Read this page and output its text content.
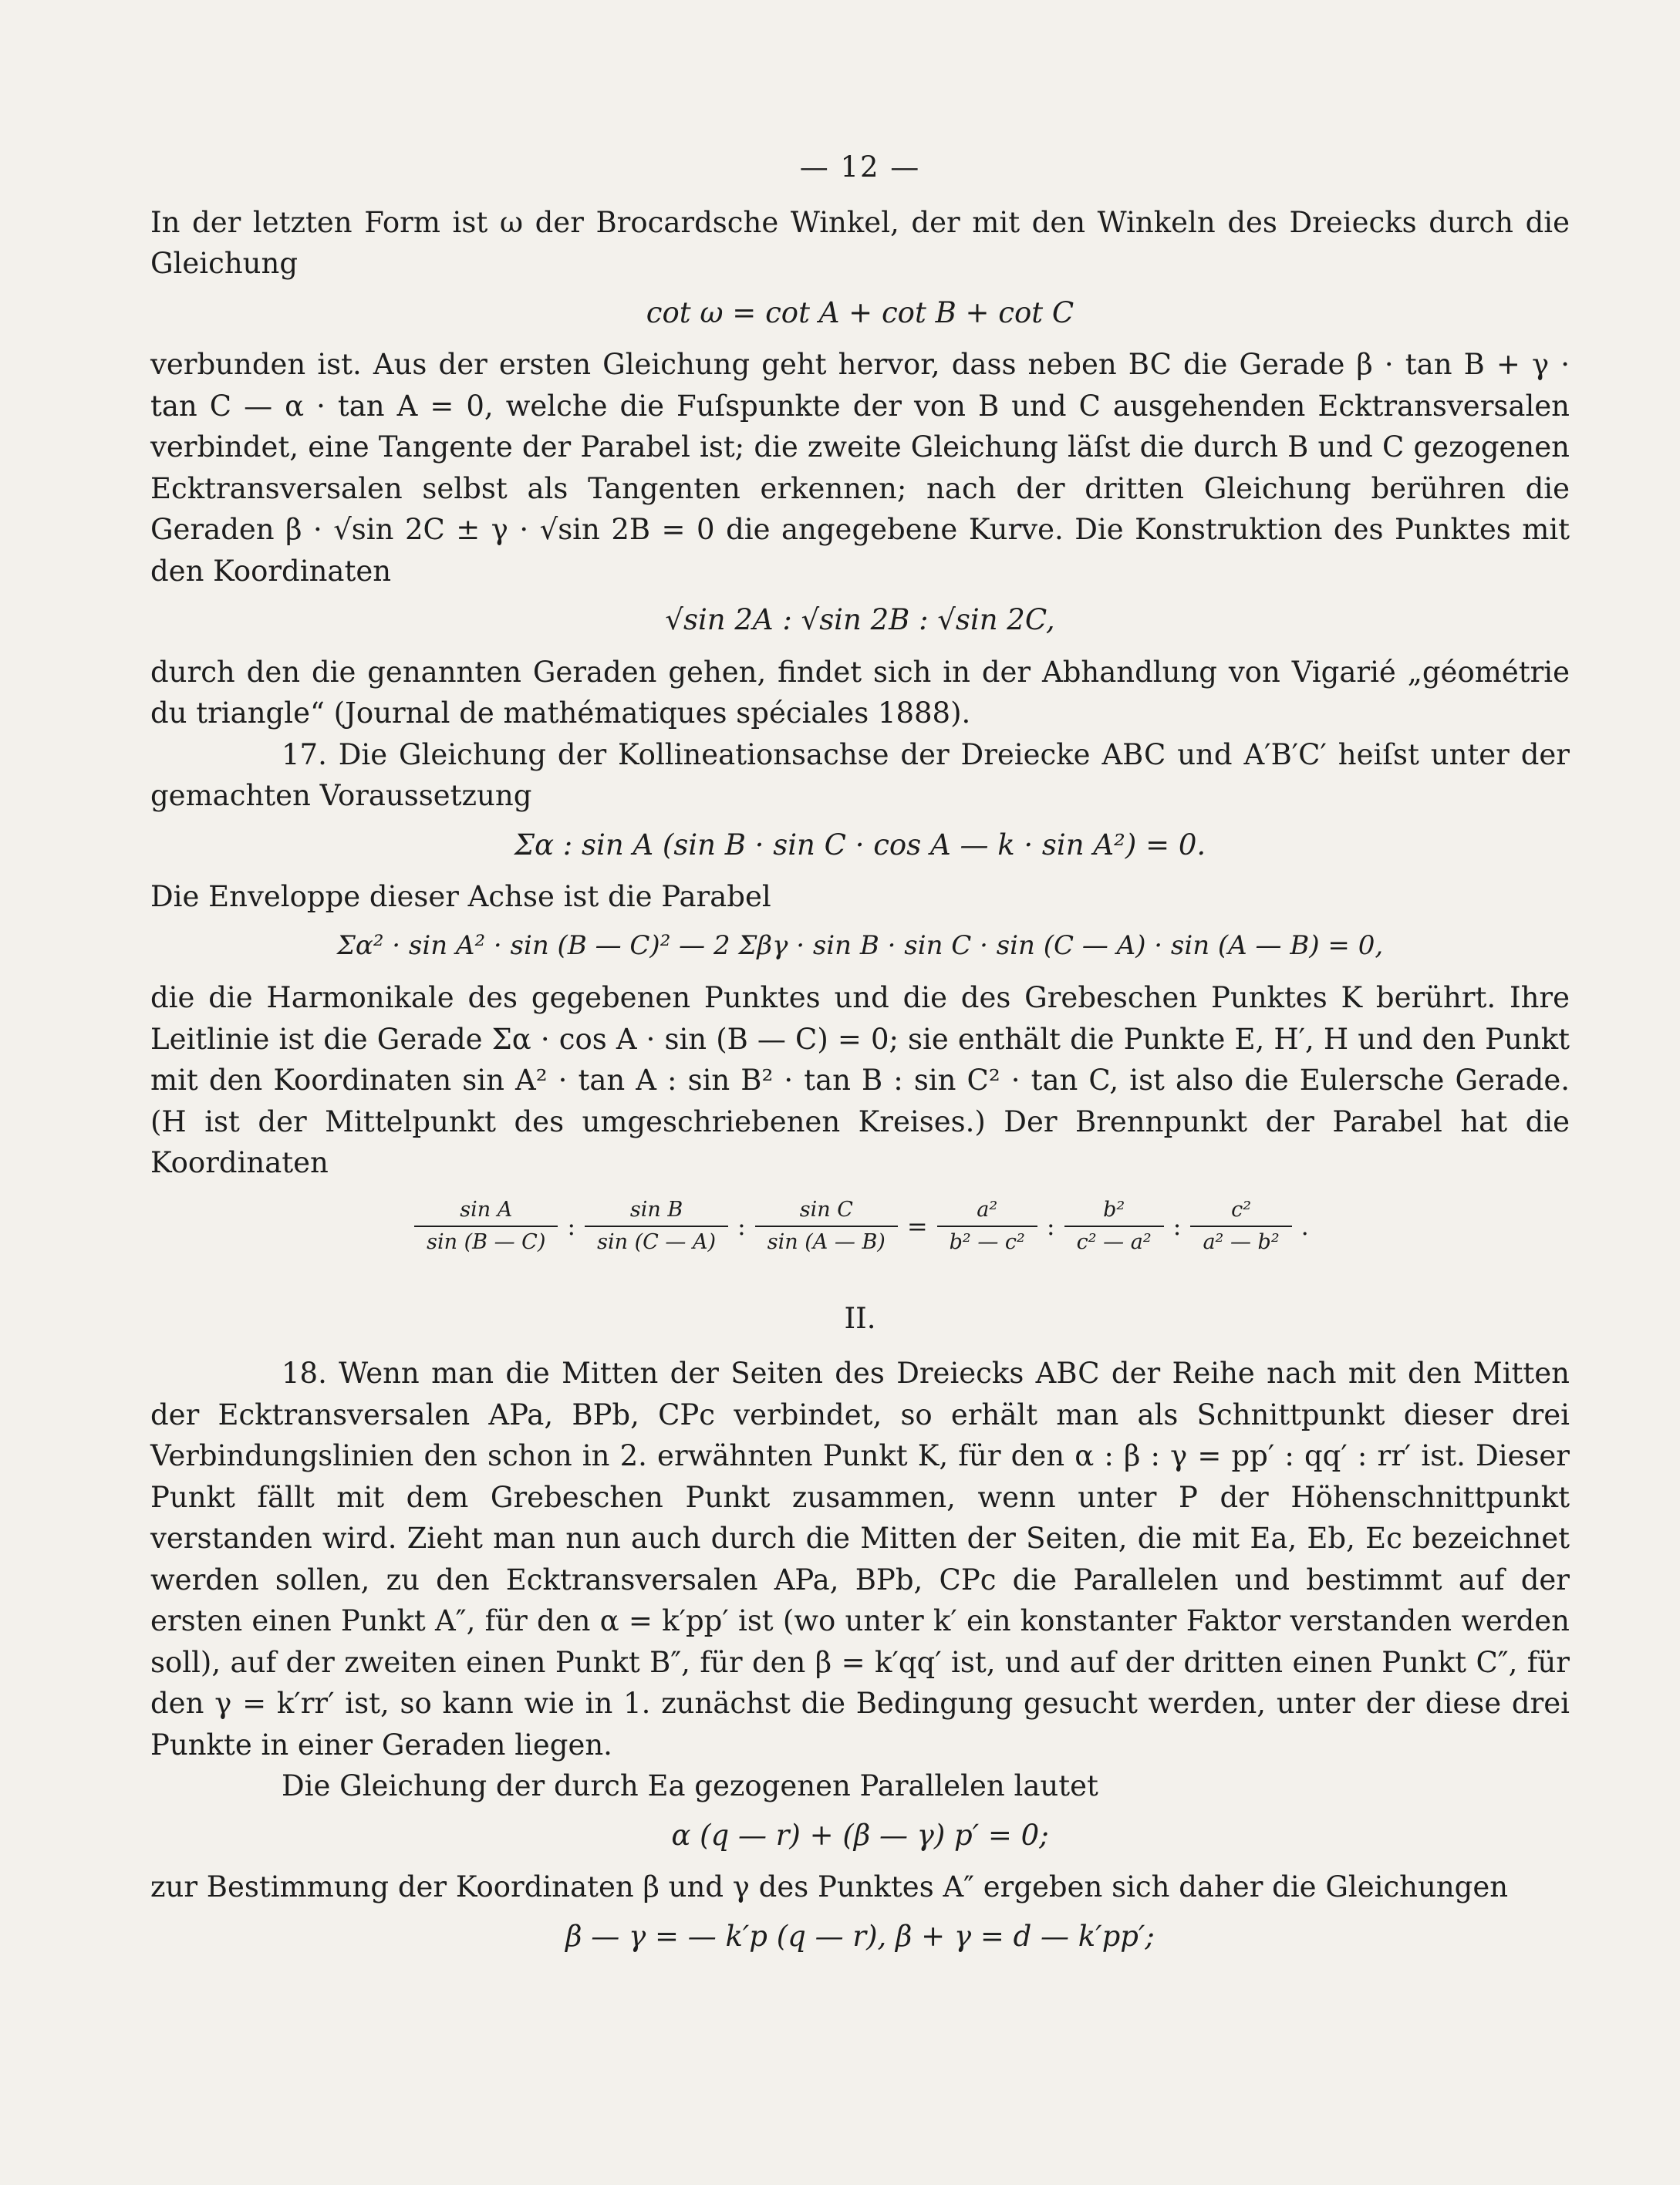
— 12 —

In der letzten Form ist ω der Brocardsche Winkel, der mit den Winkeln des Dreiecks durch die Gleichung

cot ω = cot A + cot B + cot C

verbunden ist. Aus der ersten Gleichung geht hervor, dass neben BC die Gerade β · tan B + γ · tan C — α · tan A = 0, welche die Fuſspunkte der von B und C ausgehenden Ecktransversalen verbindet, eine Tangente der Parabel ist; die zweite Gleichung läſst die durch B und C gezogenen Ecktransversalen selbst als Tangenten erkennen; nach der dritten Gleichung berühren die Geraden β · √sin 2C ± γ · √sin 2B = 0 die angegebene Kurve. Die Konstruktion des Punktes mit den Koordinaten

√sin 2A : √sin 2B : √sin 2C,

durch den die genannten Geraden gehen, findet sich in der Abhandlung von Vigarié „géométrie du triangle“ (Journal de mathématiques spéciales 1888).

17. Die Gleichung der Kollineationsachse der Dreiecke ABC und A′B′C′ heiſst unter der gemachten Voraussetzung

Σα : sin A (sin B · sin C · cos A — k · sin A²) = 0.

Die Enveloppe dieser Achse ist die Parabel

Σα² · sin A² · sin (B — C)² — 2 Σβγ · sin B · sin C · sin (C — A) · sin (A — B) = 0,

die die Harmonikale des gegebenen Punktes und die des Grebeschen Punktes K berührt. Ihre Leitlinie ist die Gerade Σα · cos A · sin (B — C) = 0; sie enthält die Punkte E, H′, H und den Punkt mit den Koordinaten sin A² · tan A : sin B² · tan B : sin C² · tan C, ist also die Eulersche Gerade. (H ist der Mittelpunkt des umgeschriebenen Kreises.) Der Brennpunkt der Parabel hat die Koordinaten

$\frac{\text{sin A}}{\sin (B — C)}$ : $\frac{\text{sin B}}{\sin (C — A)}$ : $\frac{\text{sin C}}{\sin (A — B)} = \frac{\text{a²}}{\text{b² — c²}}$ : $\frac{\text{b²}}{\text{c² — a²}}$ : $\frac{\text{c²}}{\text{a² — b²}}$ .
II.

18. Wenn man die Mitten der Seiten des Dreiecks ABC der Reihe nach mit den Mitten der Ecktransversalen APa, BPb, CPc verbindet, so erhält man als Schnittpunkt dieser drei Verbindungslinien den schon in 2. erwähnten Punkt K, für den α : β : γ = pp′ : qq′ : rr′ ist. Dieser Punkt fällt mit dem Grebeschen Punkt zusammen, wenn unter P der Höhenschnittpunkt verstanden wird. Zieht man nun auch durch die Mitten der Seiten, die mit Ea, Eb, Ec bezeichnet werden sollen, zu den Ecktransversalen APa, BPb, CPc die Parallelen und bestimmt auf der ersten einen Punkt A″, für den α = k′pp′ ist (wo unter k′ ein konstanter Faktor verstanden werden soll), auf der zweiten einen Punkt B″, für den β = k′qq′ ist, und auf der dritten einen Punkt C″, für den γ = k′rr′ ist, so kann wie in 1. zunächst die Bedingung gesucht werden, unter der diese drei Punkte in einer Geraden liegen.

Die Gleichung der durch Ea gezogenen Parallelen lautet

α (q — r) + (β — γ) p′ = 0;

zur Bestimmung der Koordinaten β und γ des Punktes A″ ergeben sich daher die Gleichungen

β — γ = — k′p (q — r), β + γ = d — k′pp′;
